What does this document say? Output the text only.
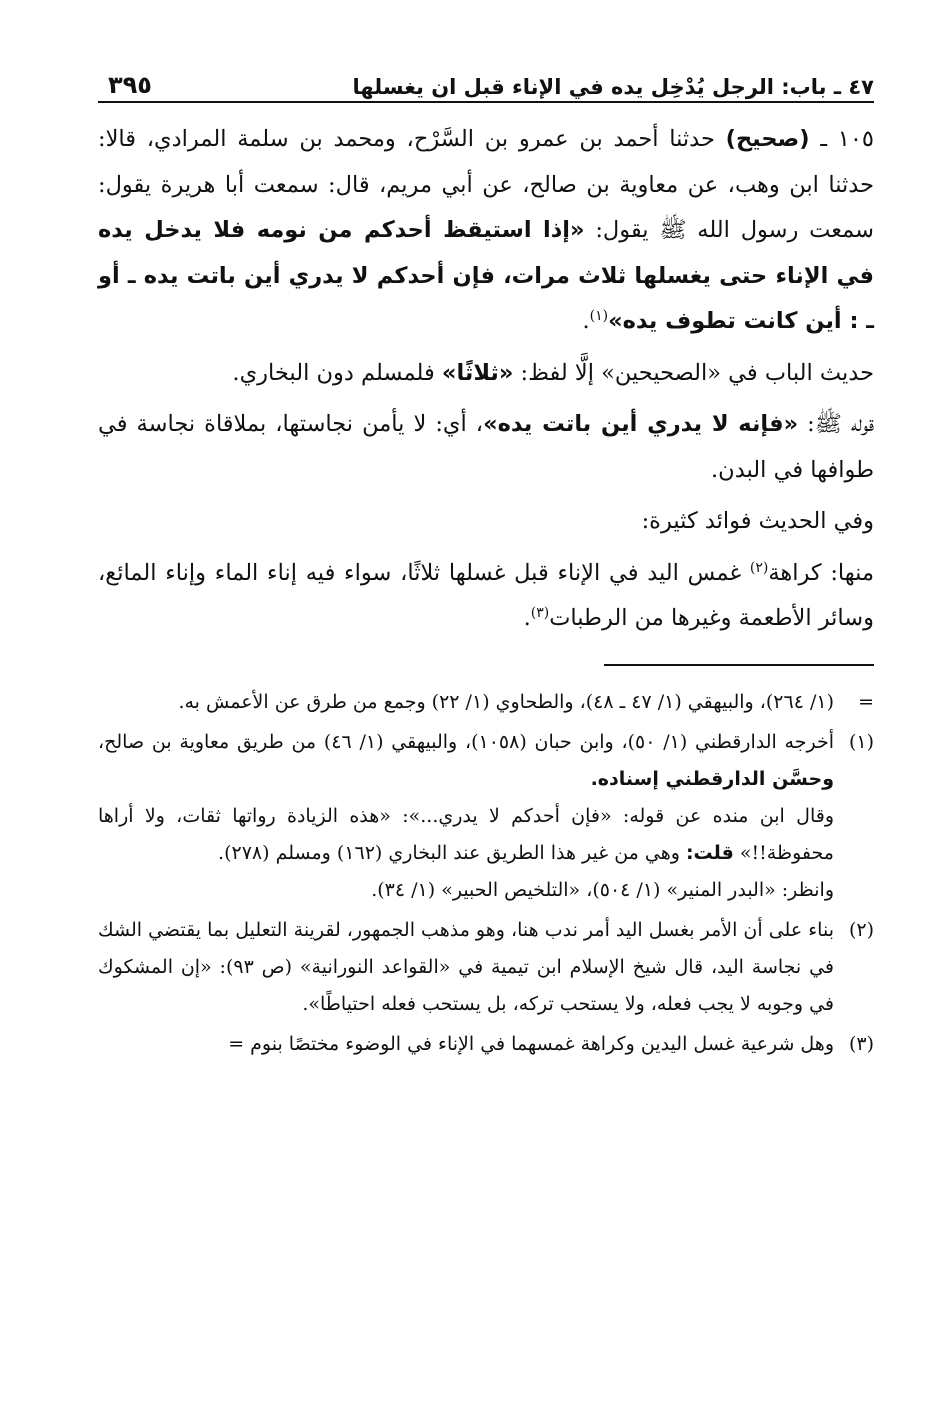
٤٧ ـ باب: الرجل يُدْخِل يده في الإناء قبل ان يغسلها
٣٩٥

١٠٥ ـ (صحيح) حدثنا أحمد بن عمرو بن السَّرْح، ومحمد بن سلمة المرادي، قالا: حدثنا ابن وهب، عن معاوية بن صالح، عن أبي مريم، قال: سمعت أبا هريرة يقول: سمعت رسول الله ﷺ يقول: «إذا استيقظ أحدكم من نومه فلا يدخل يده في الإناء حتى يغسلها ثلاث مرات، فإن أحدكم لا يدري أين باتت يده ـ أو ـ : أين كانت تطوف يده»$^{(١)}$.

حديث الباب في «الصحيحين» إلَّا لفظ: «ثلاثًا» فلمسلم دون البخاري.

قوله ﷺ: «فإنه لا يدري أين باتت يده»، أي: لا يأمن نجاستها، بملاقاة نجاسة في طوافها في البدن.

وفي الحديث فوائد كثيرة:

منها: كراهة$^{(٢)}$ غمس اليد في الإناء قبل غسلها ثلاثًا، سواء فيه إناء الماء وإناء المائع، وسائر الأطعمة وغيرها من الرطبات$^{(٣)}$.

=
(١/ ٢٦٤)، والبيهقي (١/ ٤٧ ـ ٤٨)، والطحاوي (١/ ٢٢) وجمع من طرق عن الأعمش به.
(١)

أخرجه الدارقطني (١/ ٥٠)، وابن حبان (١٠٥٨)، والبيهقي (١/ ٤٦) من طريق معاوية بن صالح، وحسَّن الدارقطني إسناده.

وقال ابن منده عن قوله: «فإن أحدكم لا يدري...»: «هذه الزيادة رواتها ثقات، ولا أراها محفوظة!!» قلت: وهي من غير هذا الطريق عند البخاري (١٦٢) ومسلم (٢٧٨).

وانظر: «البدر المنير» (١/ ٥٠٤)، «التلخيص الحبير» (١/ ٣٤).

(٢)
بناء على أن الأمر بغسل اليد أمر ندب هنا، وهو مذهب الجمهور، لقرينة التعليل بما يقتضي الشك في نجاسة اليد، قال شيخ الإسلام ابن تيمية في «القواعد النورانية» (ص ٩٣): «إن المشكوك في وجوبه لا يجب فعله، ولا يستحب تركه، بل يستحب فعله احتياطًا».
(٣)
وهل شرعية غسل اليدين وكراهة غمسهما في الإناء في الوضوء مختصًا بنوم =
